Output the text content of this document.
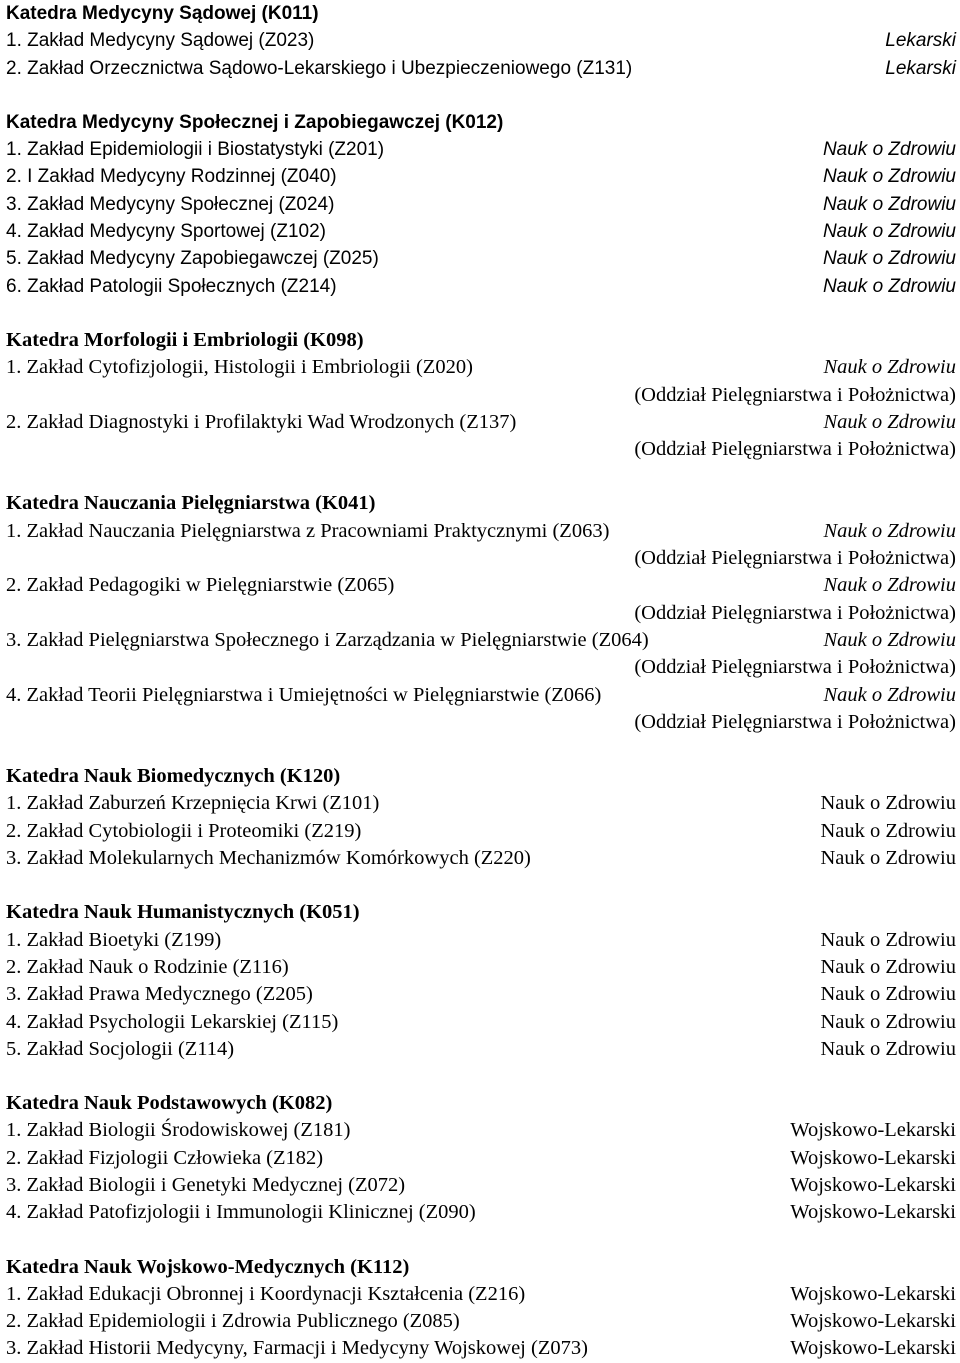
Katedra Medycyny Sądowej (K011)
1. Zakład Medycyny Sądowej (Z023)	Lekarski
2. Zakład Orzecznictwa Sądowo-Lekarskiego i Ubezpieczeniowego (Z131)	Lekarski
Katedra Medycyny Społecznej i Zapobiegawczej (K012)
1. Zakład Epidemiologii i Biostatystyki (Z201)	Nauk o Zdrowiu
2. I Zakład Medycyny Rodzinnej (Z040)	Nauk o Zdrowiu
3. Zakład Medycyny Społecznej (Z024)	Nauk o Zdrowiu
4. Zakład Medycyny Sportowej (Z102)	Nauk o Zdrowiu
5. Zakład Medycyny Zapobiegawczej (Z025)	Nauk o Zdrowiu
6. Zakład Patologii Społecznych (Z214)	Nauk o Zdrowiu
Katedra Morfologii i Embriologii (K098)
1. Zakład Cytofizjologii, Histologii i Embriologii (Z020)	Nauk o Zdrowiu
(Oddział Pielęgniarstwa i Położnictwa)
2. Zakład Diagnostyki i Profilaktyki Wad Wrodzonych (Z137)	Nauk o Zdrowiu
(Oddział Pielęgniarstwa i Położnictwa)
Katedra Nauczania Pielęgniarstwa (K041)
1. Zakład Nauczania Pielęgniarstwa z Pracowniami Praktycznymi (Z063)	Nauk o Zdrowiu
(Oddział Pielęgniarstwa i Położnictwa)
2. Zakład Pedagogiki w Pielęgniarstwie (Z065)	Nauk o Zdrowiu
(Oddział Pielęgniarstwa i Położnictwa)
3. Zakład Pielęgniarstwa Społecznego i Zarządzania w Pielęgniarstwie (Z064)	Nauk o Zdrowiu
(Oddział Pielęgniarstwa i Położnictwa)
4. Zakład Teorii Pielęgniarstwa i Umiejętności w Pielęgniarstwie (Z066)	Nauk o Zdrowiu
(Oddział Pielęgniarstwa i Położnictwa)
Katedra Nauk Biomedycznych (K120)
1. Zakład Zaburzeń Krzepnięcia Krwi (Z101)	Nauk o Zdrowiu
2. Zakład Cytobiologii i Proteomiki (Z219)	Nauk o Zdrowiu
3. Zakład Molekularnych Mechanizmów Komórkowych (Z220)	Nauk o Zdrowiu
Katedra Nauk Humanistycznych (K051)
1. Zakład Bioetyki (Z199)	Nauk o Zdrowiu
2. Zakład Nauk o Rodzinie (Z116)	Nauk o Zdrowiu
3. Zakład Prawa Medycznego (Z205)	Nauk o Zdrowiu
4. Zakład Psychologii Lekarskiej (Z115)	Nauk o Zdrowiu
5. Zakład Socjologii (Z114)	Nauk o Zdrowiu
Katedra Nauk Podstawowych (K082)
1. Zakład Biologii Środowiskowej (Z181)	Wojskowo-Lekarski
2. Zakład Fizjologii Człowieka (Z182)	Wojskowo-Lekarski
3. Zakład Biologii i Genetyki Medycznej (Z072)	Wojskowo-Lekarski
4. Zakład Patofizjologii i Immunologii Klinicznej (Z090)	Wojskowo-Lekarski
Katedra Nauk Wojskowo-Medycznych (K112)
1. Zakład Edukacji Obronnej i Koordynacji Kształcenia (Z216)	Wojskowo-Lekarski
2. Zakład Epidemiologii i Zdrowia Publicznego (Z085)	Wojskowo-Lekarski
3. Zakład Historii Medycyny, Farmacji i Medycyny Wojskowej (Z073)	Wojskowo-Lekarski
